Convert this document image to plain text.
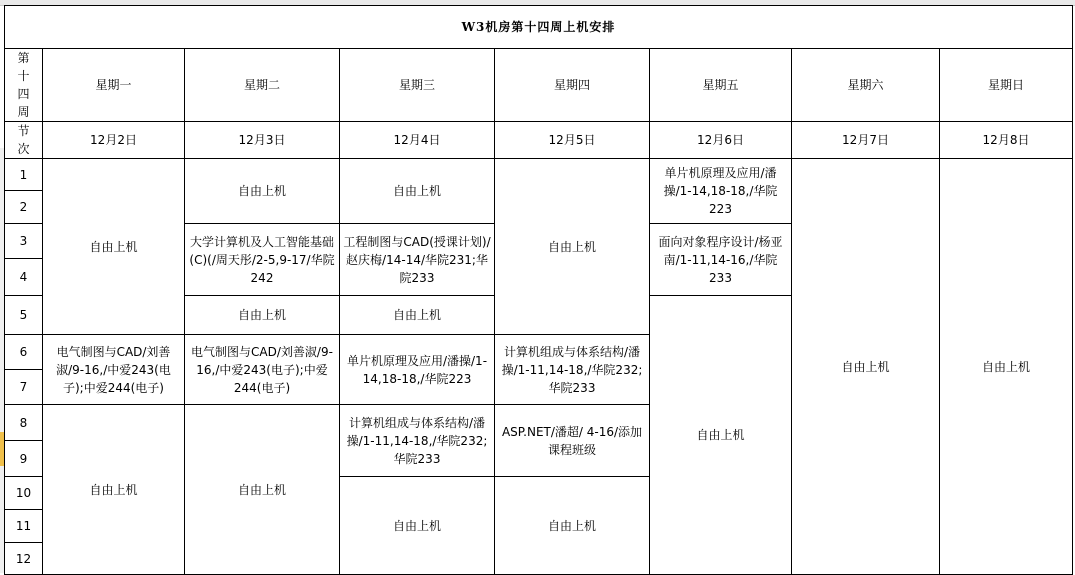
W3机房第十四周上机安排							
第十四周	星期一	星期二	星期三	星期四	星期五	星期六	星期日
节次	12月2日	12月3日	12月4日	12月5日	12月6日	12月7日	12月8日
1	自由上机	自由上机	自由上机	自由上机	单片机原理及应用/潘操/1-14,18-18,/华院223	自由上机	自由上机
2							
3		大学计算机及人工智能基础(C)(/周天彤/2-5,9-17/华院242	工程制图与CAD(授课计划)/赵庆梅/14-14/华院231;华院233		面向对象程序设计/杨亚南/1-11,14-16,/华院233		
4							
5		自由上机	自由上机		自由上机		
6	电气制图与CAD/刘善淑/9-16,/中爱243(电子);中爱244(电子)	电气制图与CAD/刘善淑/9-16,/中爱243(电子);中爱244(电子)	单片机原理及应用/潘操/1-14,18-18,/华院223	计算机组成与体系结构/潘操/1-11,14-18,/华院232;华院233			
7							
8	自由上机	自由上机	计算机组成与体系结构/潘操/1-11,14-18,/华院232;华院233	ASP.NET/潘超/ 4-16/添加课程班级			
9							
10			自由上机	自由上机			
11							
12							
